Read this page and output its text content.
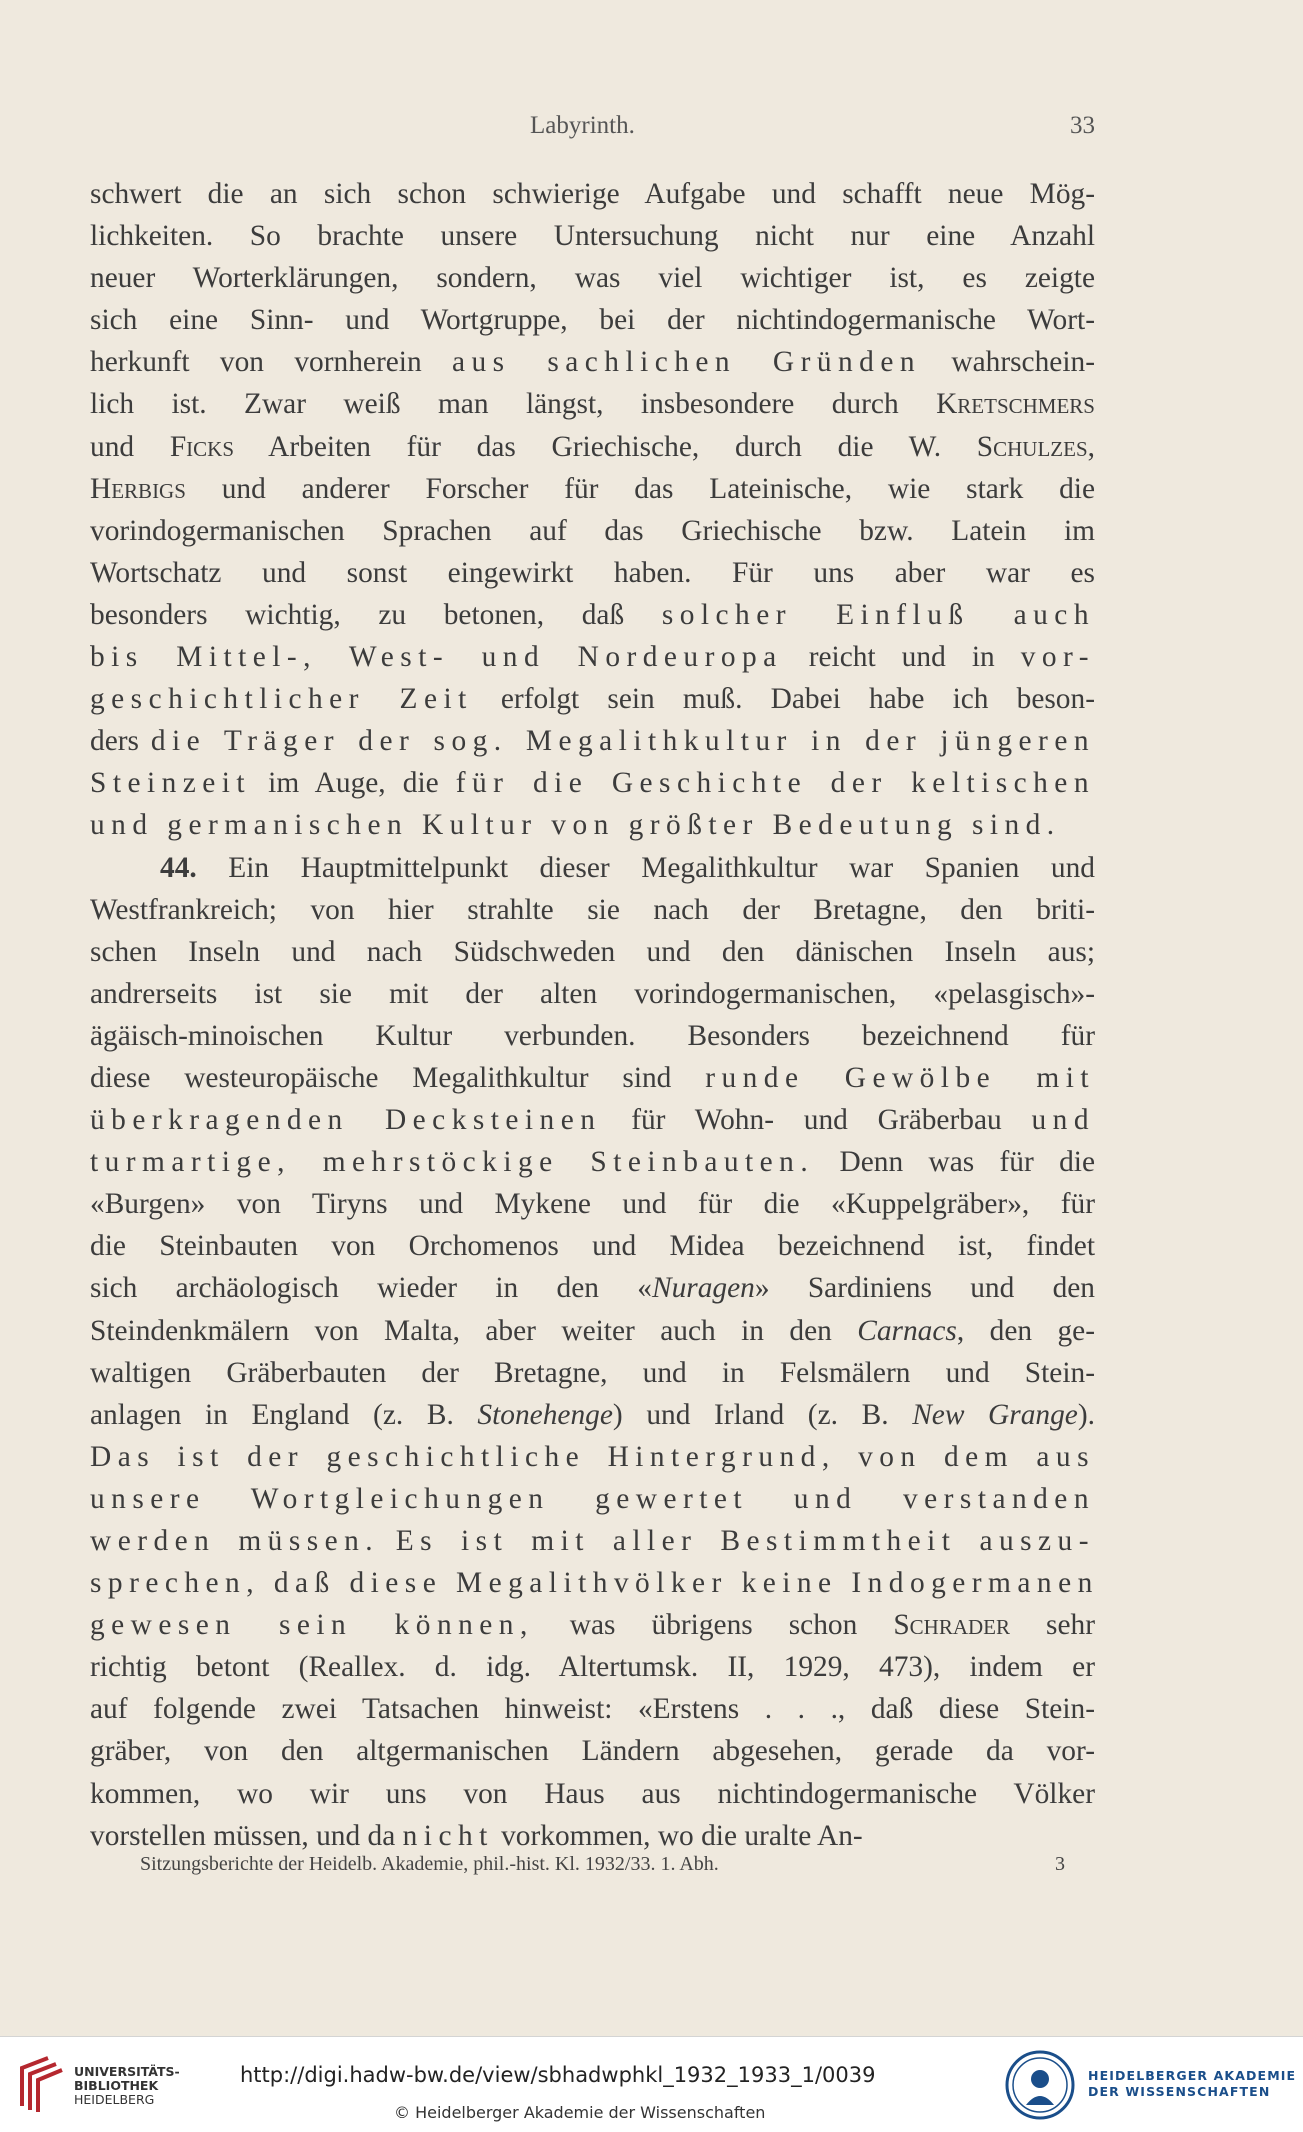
Labyrinth.	33
schwert die an sich schon schwierige Aufgabe und schafft neue Mög-
lichkeiten. So brachte unsere Untersuchung nicht nur eine Anzahl
neuer Worterklärungen, sondern, was viel wichtiger ist, es zeigte
sich eine Sinn- und Wortgruppe, bei der nichtindogermanische Wort-
herkunft von vornherein aus sachlichen Gründen wahrschein-
lich ist. Zwar weiß man längst, insbesondere durch Kretschmers
und Ficks Arbeiten für das Griechische, durch die W. Schulzes,
Herbigs und anderer Forscher für das Lateinische, wie stark die
vorindogermanischen Sprachen auf das Griechische bzw. Latein im
Wortschatz und sonst eingewirkt haben. Für uns aber war es
besonders wichtig, zu betonen, daß solcher Einfluß auch
bis Mittel-, West- und Nordeuropa reicht und in vor-
geschichtlicher Zeit erfolgt sein muß. Dabei habe ich beson-
ders die Träger der sog. Megalithkultur in der jüngeren
Steinzeit im Auge, die für die Geschichte der keltischen
und germanischen Kultur von größter Bedeutung sind.
44. Ein Hauptmittelpunkt dieser Megalithkultur war Spanien und
Westfrankreich; von hier strahlte sie nach der Bretagne, den briti-
schen Inseln und nach Südschweden und den dänischen Inseln aus;
andrerseits ist sie mit der alten vorindogermanischen, «pelasgisch»-
ägäisch-minoischen Kultur verbunden. Besonders bezeichnend für
diese westeuropäische Megalithkultur sind runde Gewölbe mit
überkragenden Decksteinen für Wohn- und Gräberbau und
turmartige, mehrstöckige Steinbauten. Denn was für die
«Burgen» von Tiryns und Mykene und für die «Kuppelgräber», für
die Steinbauten von Orchomenos und Midea bezeichnend ist, findet
sich archäologisch wieder in den «Nuragen» Sardiniens und den
Steindenkmälern von Malta, aber weiter auch in den Carnacs, den ge-
waltigen Gräberbauten der Bretagne, und in Felsmälern und Stein-
anlagen in England (z. B. Stonehenge) und Irland (z. B. New Grange).
Das ist der geschichtliche Hintergrund, von dem aus
unsere Wortgleichungen gewertet und verstanden
werden müssen. Es ist mit aller Bestimmtheit auszu-
sprechen, daß diese Megalithvölker keine Indogermanen
gewesen sein können, was übrigens schon Schrader sehr
richtig betont (Reallex. d. idg. Altertumsk. II, 1929, 473), indem er
auf folgende zwei Tatsachen hinweist: «Erstens . . ., daß diese Stein-
gräber, von den altgermanischen Ländern abgesehen, gerade da vor-
kommen, wo wir uns von Haus aus nichtindogermanische Völker
vorstellen müssen, und da nicht vorkommen, wo die uralte An-
Sitzungsberichte der Heidelb. Akademie, phil.-hist. Kl. 1932/33. 1. Abh.	3
UNIVERSITÄTS-
BIBLIOTHEK
HEIDELBERG
http://digi.hadw-bw.de/view/sbhadwphkl_1932_1933_1/0039
© Heidelberger Akademie der Wissenschaften
HEIDELBERGER AKADEMIE
DER WISSENSCHAFTEN
